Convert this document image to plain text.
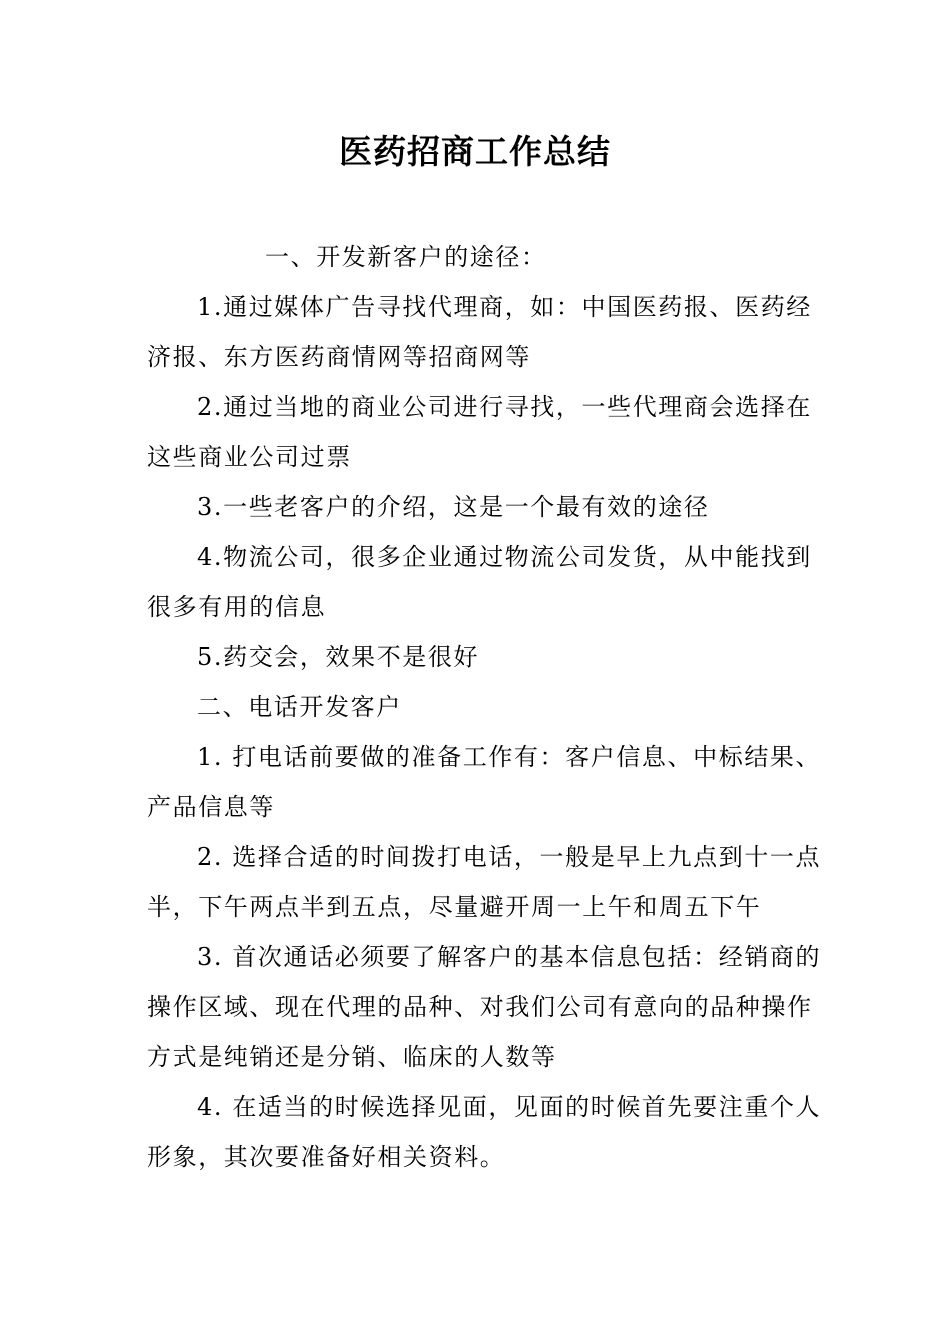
医药招商工作总结

一、开发新客户的途径：

1.通过媒体广告寻找代理商，如：中国医药报、医药经济报、东方医药商情网等招商网等

2.通过当地的商业公司进行寻找，一些代理商会选择在这些商业公司过票

3.一些老客户的介绍，这是一个最有效的途径

4.物流公司，很多企业通过物流公司发货，从中能找到很多有用的信息

5.药交会，效果不是很好

二、电话开发客户

1. 打电话前要做的准备工作有：客户信息、中标结果、产品信息等

2. 选择合适的时间拨打电话，一般是早上九点到十一点半，下午两点半到五点，尽量避开周一上午和周五下午

3. 首次通话必须要了解客户的基本信息包括：经销商的操作区域、现在代理的品种、对我们公司有意向的品种操作方式是纯销还是分销、临床的人数等

4. 在适当的时候选择见面，见面的时候首先要注重个人形象，其次要准备好相关资料。
